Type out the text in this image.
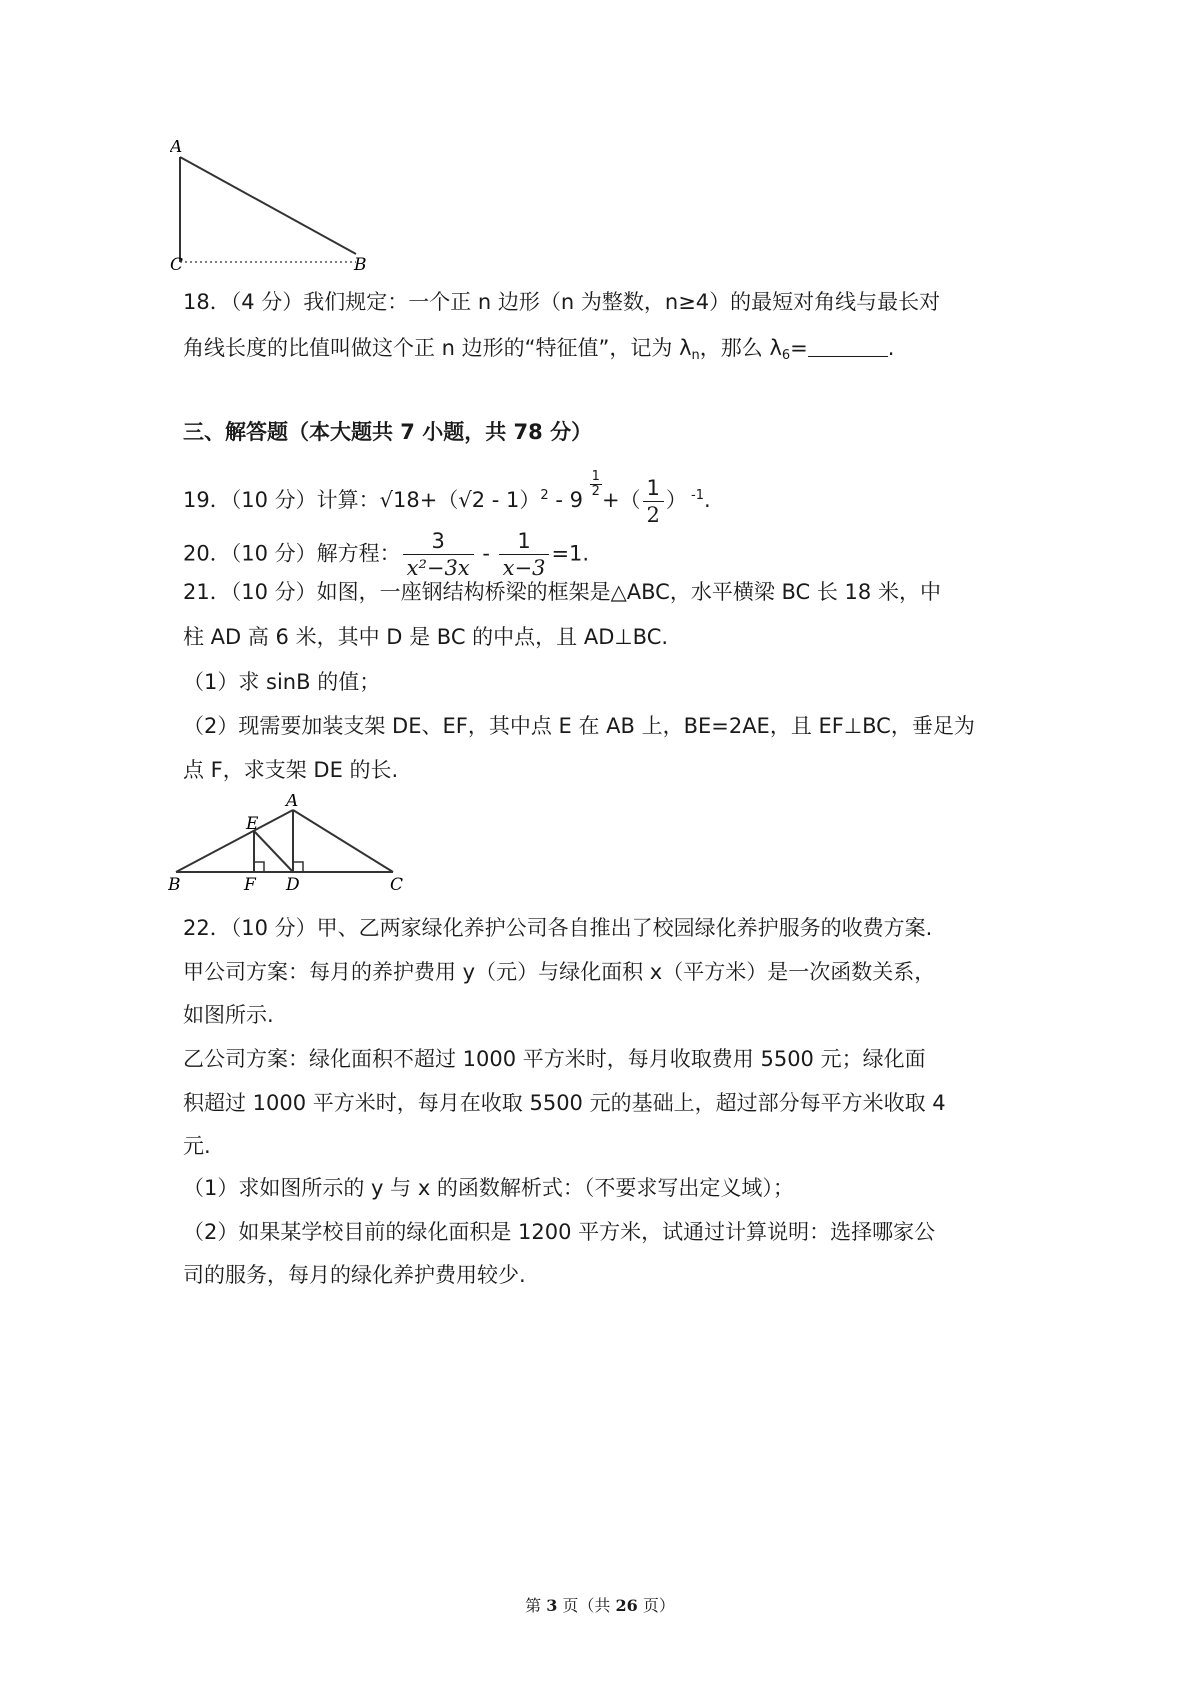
A
C	B
18．（4 分）我们规定：一个正 n 边形（n 为整数，n≥4）的最短对角线与最长对
角线长度的比值叫做这个正 n 边形的“特征值”，记为 $\lambda_n$，那么 $\lambda_6=$	.
三、解答题（本大题共 7 小题，共 78 分）
19．（10 分）计算：√18+（√2 - 1）$^2$ - 9
$\frac{1}{2}$
+（ $\frac{1}{2}$ ） $^{-1}$.
20．（10 分）解方程： $\frac{3}{\text{x²−3x}} - \frac{1}{x-3} =1$.
21．（10 分）如图，一座钢结构桥梁的框架是△ABC，水平横梁 BC 长 18 米，中
柱 AD 高 6 米，其中 D 是 BC 的中点，且 AD⊥BC.
（1）求 sinB 的值；
（2）现需要加装支架 DE、EF，其中点 E 在 AB 上，BE=2AE，且 EF⊥BC，垂足为
点 F，求支架 DE 的长.
A
E
B	F D	C
22．（10 分）甲、乙两家绿化养护公司各自推出了校园绿化养护服务的收费方案.
甲公司方案：每月的养护费用 y（元）与绿化面积 x（平方米）是一次函数关系，
如图所示.
乙公司方案：绿化面积不超过 1000 平方米时，每月收取费用 5500 元；绿化面
积超过 1000 平方米时，每月在收取 5500 元的基础上，超过部分每平方米收取 4
元.
（1）求如图所示的 y 与 x 的函数解析式：（不要求写出定义域）；
（2）如果某学校目前的绿化面积是 1200 平方米，试通过计算说明：选择哪家公
司的服务，每月的绿化养护费用较少.
第 3 页（共 26 页）
